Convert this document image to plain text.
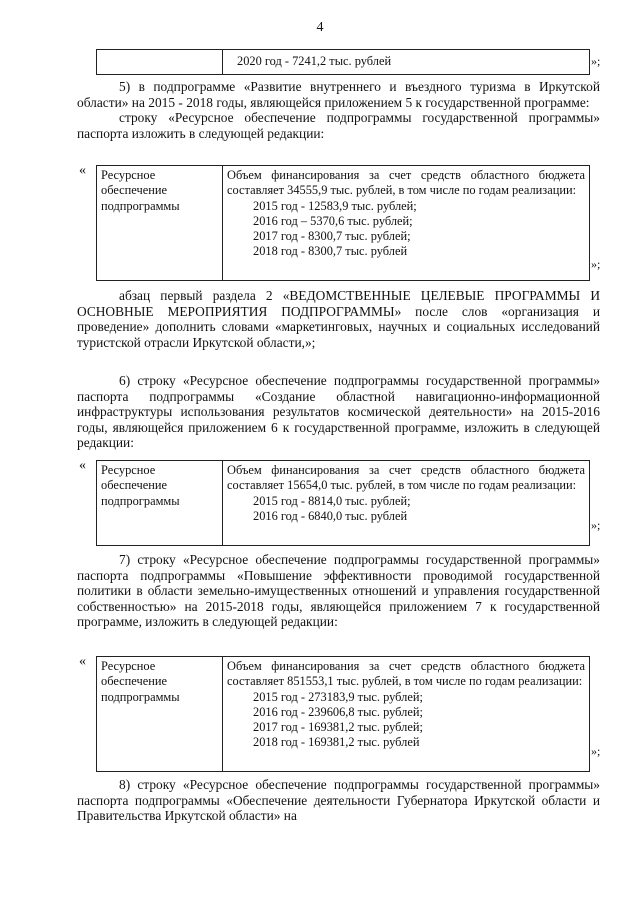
4
2020 год - 7241,2 тыс. рублей	»;
5) в подпрограмме «Развитие внутреннего и въездного туризма в Иркутской области» на 2015 - 2018 годы, являющейся приложением 5 к государственной программе:
строку «Ресурсное обеспечение подпрограммы государственной программы» паспорта изложить в следующей редакции:
«	Ресурсное обеспечение подпрограммы
Объем финансирования за счет средств областного бюджета составляет 34555,9 тыс. рублей, в том числе по годам реализации:
2015 год - 12583,9 тыс. рублей;
2016 год – 5370,6 тыс. рублей;
2017 год - 8300,7 тыс. рублей;
2018 год - 8300,7 тыс. рублей
»;
абзац первый раздела 2 «ВЕДОМСТВЕННЫЕ ЦЕЛЕВЫЕ ПРОГРАММЫ И ОСНОВНЫЕ МЕРОПРИЯТИЯ ПОДПРОГРАММЫ» после слов «организация и проведение» дополнить словами «маркетинговых, научных и социальных исследований туристской отрасли Иркутской области,»;
6) строку «Ресурсное обеспечение подпрограммы государственной программы» паспорта подпрограммы «Создание областной навигационно-информационной инфраструктуры использования результатов космической деятельности» на 2015-2016 годы, являющейся приложением 6 к государственной программе, изложить в следующей редакции:
«	Ресурсное обеспечение подпрограммы
Объем финансирования за счет средств областного бюджета составляет 15654,0 тыс. рублей, в том числе по годам реализации:
2015 год - 8814,0 тыс. рублей;
2016 год - 6840,0 тыс. рублей
»;
7) строку «Ресурсное обеспечение подпрограммы государственной программы» паспорта подпрограммы «Повышение эффективности проводимой государственной политики в области земельно-имущественных отношений и управления государственной собственностью» на 2015-2018 годы, являющейся приложением 7 к государственной программе, изложить в следующей редакции:
«	Ресурсное обеспечение подпрограммы
Объем финансирования за счет средств областного бюджета составляет 851553,1 тыс. рублей, в том числе по годам реализации:
2015 год - 273183,9 тыс. рублей;
2016 год - 239606,8 тыс. рублей;
2017 год - 169381,2 тыс. рублей;
2018 год - 169381,2 тыс. рублей
»;
8) строку «Ресурсное обеспечение подпрограммы государственной программы» паспорта подпрограммы «Обеспечение деятельности Губернатора Иркутской области и Правительства Иркутской области» на
